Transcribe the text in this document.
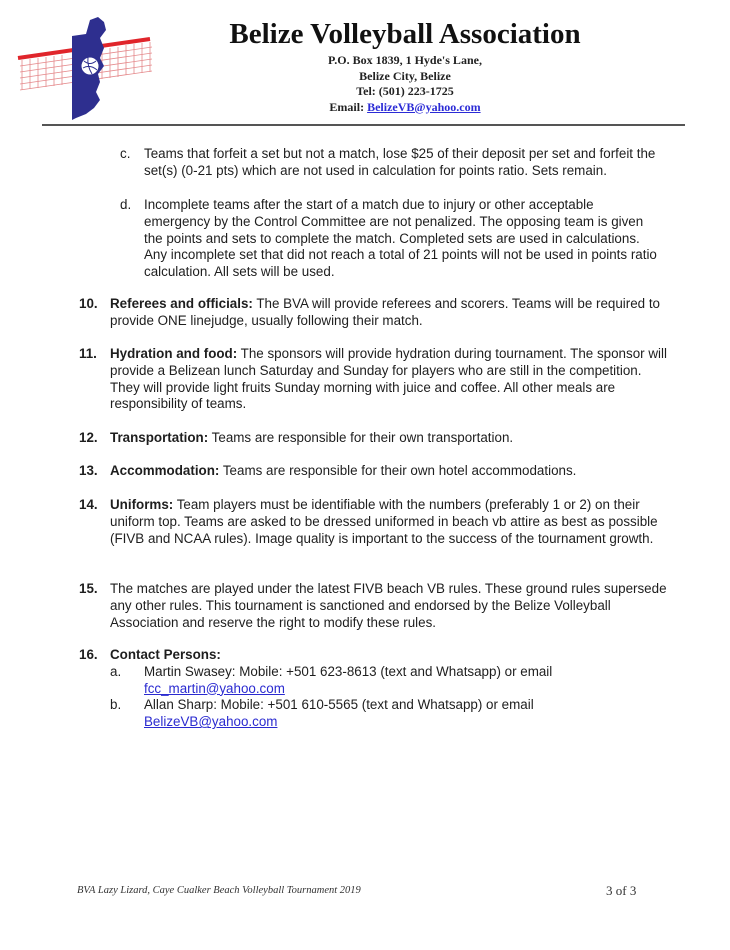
Belize Volleyball Association
P.O. Box 1839, 1 Hyde's Lane,
Belize City, Belize
Tel: (501) 223-1725
Email: BelizeVB@yahoo.com
c. Teams that forfeit a set but not a match, lose $25 of their deposit per set and forfeit the set(s) (0-21 pts) which are not used in calculation for points ratio. Sets remain.
d. Incomplete teams after the start of a match due to injury or other acceptable emergency by the Control Committee are not penalized. The opposing team is given the points and sets to complete the match. Completed sets are used in calculations. Any incomplete set that did not reach a total of 21 points will not be used in points ratio calculation. All sets will be used.
10. Referees and officials: The BVA will provide referees and scorers. Teams will be required to provide ONE linejudge, usually following their match.
11. Hydration and food: The sponsors will provide hydration during tournament. The sponsor will provide a Belizean lunch Saturday and Sunday for players who are still in the competition. They will provide light fruits Sunday morning with juice and coffee. All other meals are responsibility of teams.
12. Transportation: Teams are responsible for their own transportation.
13. Accommodation: Teams are responsible for their own hotel accommodations.
14. Uniforms: Team players must be identifiable with the numbers (preferably 1 or 2) on their uniform top. Teams are asked to be dressed uniformed in beach vb attire as best as possible (FIVB and NCAA rules). Image quality is important to the success of the tournament growth.
15. The matches are played under the latest FIVB beach VB rules. These ground rules supersede any other rules. This tournament is sanctioned and endorsed by the Belize Volleyball Association and reserve the right to modify these rules.
16. Contact Persons:
a. Martin Swasey: Mobile: +501 623-8613 (text and Whatsapp) or email
fcc_martin@yahoo.com
b. Allan Sharp: Mobile: +501 610-5565 (text and Whatsapp) or email
BelizeVB@yahoo.com
BVA Lazy Lizard, Caye Cualker Beach Volleyball Tournament 2019	3 of 3
